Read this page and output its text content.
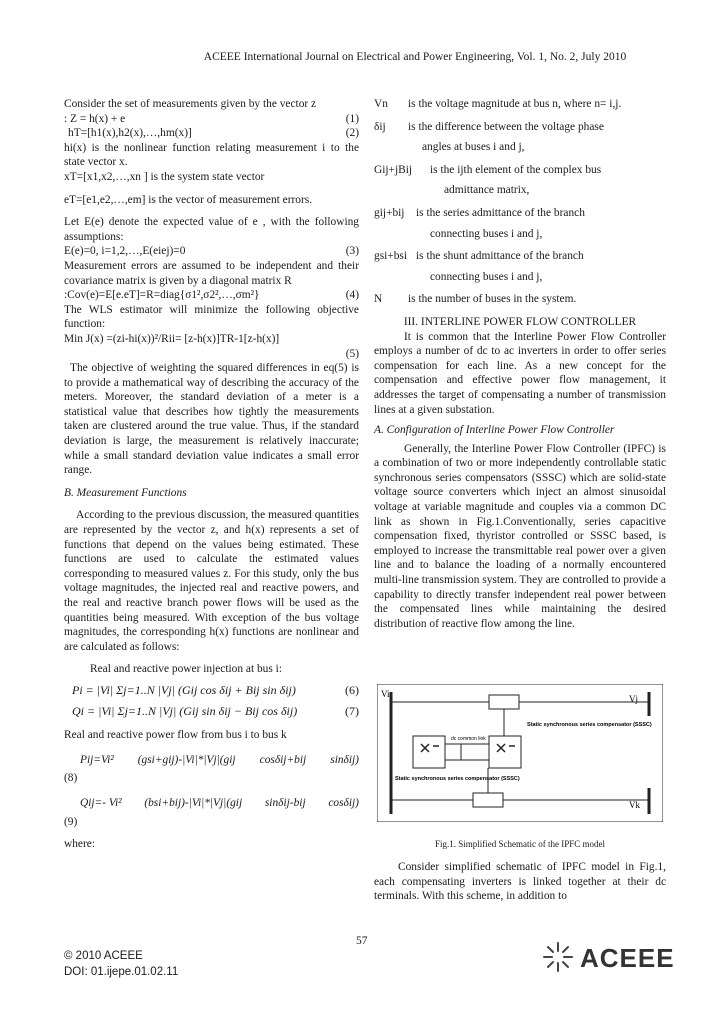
ACEEE International Journal on Electrical and Power Engineering, Vol. 1, No. 2, July 2010

Consider the set of measurements given by the vector z

: Z = h(x) + e	(1)
hT=[h1(x),h2(x),…,hm(x)]	(2)

hi(x) is the nonlinear function relating measurement i to the state vector x.

xT=[x1,x2,…,xn ] is the system state vector

eT=[e1,e2,…,em] is the vector of measurement errors.

Let E(e) denote the expected value of e , with the following assumptions:

E(e)=0, i=1,2,…,E(eiej)=0	(3)

Measurement errors are assumed to be independent and their covariance matrix is given by a diagonal matrix R

:Cov(e)=E[e.eT]=R=diag{σ1²,σ2²,…,σm²}	(4)

The WLS estimator will minimize the following objective function:

Min J(x) =(zi-hi(x))²/Rii= [z-h(x)]TR-1[z-h(x)]
(5)

The objective of weighting the squared differences in eq(5) is to provide a mathematical way of describing the accuracy of the meters. Moreover, the standard deviation of a meter is a statistical value that describes how tightly the measurements taken are clustered around the true value. Thus, if the standard deviation is large, the measurement is relatively inaccurate; while a small standard deviation value indicates a small error range.

B. Measurement Functions

According to the previous discussion, the measured quantities are represented by the vector z, and h(x) represents a set of functions that depend on the values being estimated. These functions are used to calculate the estimated values corresponding to measured values z. For this study, only the bus voltage magnitudes, the injected real and reactive powers, and the real and reactive branch power flows will be used as the quantities being measured. With exception of the bus voltage magnitudes, the corresponding h(x) functions are nonlinear and are calculated as follows:

Real and reactive power injection at bus i:

Pi = |Vi| Σj=1..N |Vj| (Gij cos δij + Bij sin δij)	(6)
Qi = |Vi| Σj=1..N |Vj| (Gij sin δij − Bij cos δij)	(7)

Real and reactive power flow from bus i to bus k

Pij=Vi² (gsi+gij)-|Vi|*|Vj|(gij cosδij+bij sinδij)

(8)

Qij=- Vi² (bsi+bij)-|Vi|*|Vj|(gij sinδij-bij cosδij)

(9)

where:

Vn	is the voltage magnitude at bus n, where n= i,j.
δij	is the difference between the voltage phase
angles at buses i and j,
Gij+jBij	is the ijth element of the complex bus
admittance matrix,
gij+bij	is the series admittance of the branch
connecting buses i and j,
gsi+bsi is the shunt admittance of the branch
connecting buses i and j,
N	is the number of buses in the system.

III. INTERLINE POWER FLOW CONTROLLER

It is common that the Interline Power Flow Controller employs a number of dc to ac inverters in order to offer series compensation for each line. As a new concept for the compensation and effective power flow management, it addresses the target of compensating a number of transmission lines at a given substation.

A. Configuration of Interline Power Flow Controller

Generally, the Interline Power Flow Controller (IPFC) is a combination of two or more independently controllable static synchronous series compensators (SSSC) which are solid-state voltage source converters which inject an almost sinusoidal voltage at variable magnitude and couples via a common DC link as shown in Fig.1.Conventionally, series capacitive compensation fixed, thyristor controlled or SSSC based, is employed to increase the transmittable real power over a given line and to balance the loading of a normally encountered multi-line transmission system. They are controlled to provide a capability to directly transfer independent real power between the compensated lines while maintaining the desired distribution of reactive flow among the line.

Vi	Vj
Vk
dc common link
Static synchronous series compensator (SSSC)
Static synchronous series compensator (SSSC)
Fig.1. Simplified Schematic of the IPFC model
Consider simplified schematic of IPFC model in Fig.1, each compensating inverters is linked together at their dc terminals. With this scheme, in addition to
57
© 2010 ACEEE
DOI: 01.ijepe.01.02.11	ACEEE
